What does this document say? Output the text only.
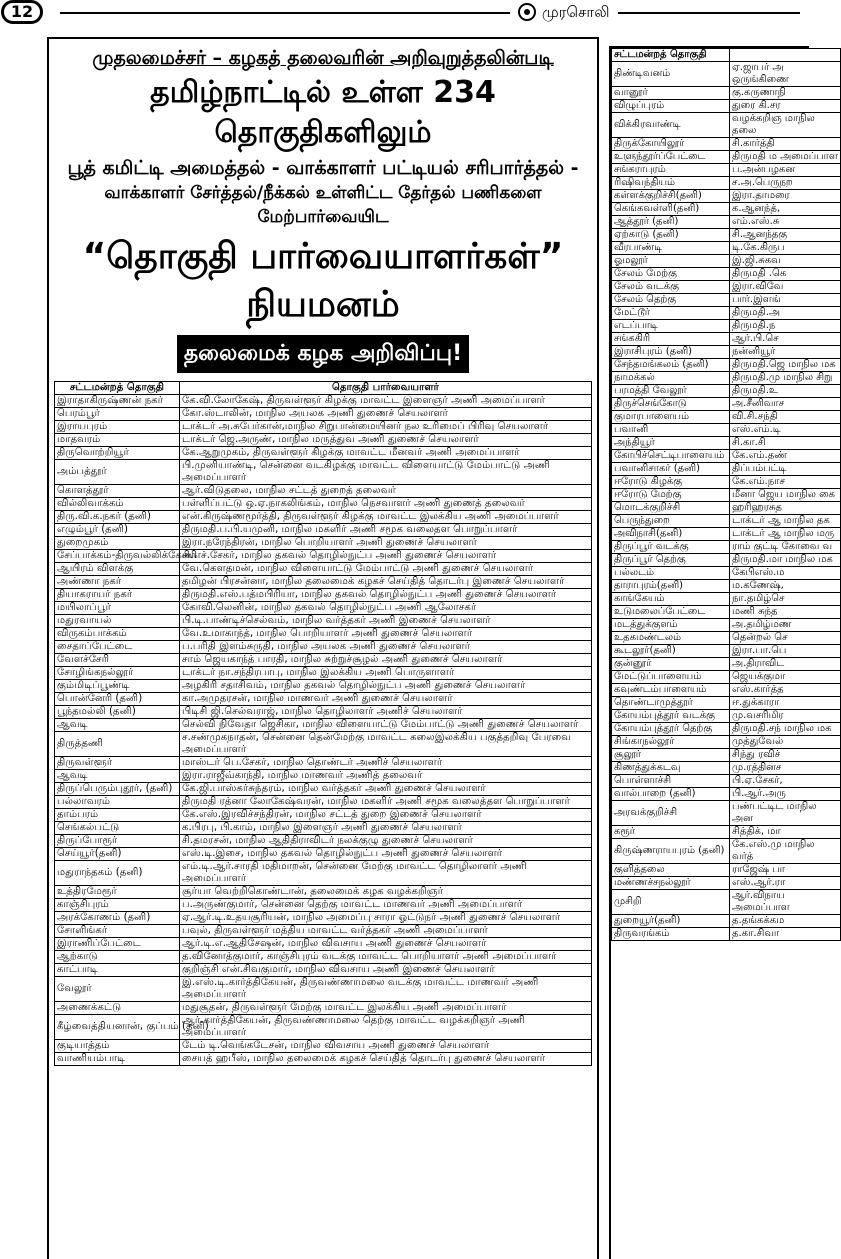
12	முரசொலி
முதலமைச்சர் – கழகத் தலைவரின் அறிவுறுத்தலின்படி
தமிழ்நாட்டில் உள்ள 234 தொகுதிகளிலும்
பூத் கமிட்டி அமைத்தல் - வாக்காளர் பட்டியல் சரிபார்த்தல் -
வாக்காளர் சேர்த்தல்/நீக்கல் உள்ளிட்ட தேர்தல் பணிகளை மேற்பார்வையிட
“தொகுதி பார்வையாளர்கள்” நியமனம்
தலைமைக் கழக அறிவிப்பு!
சட்டமன்றத் தொகுதி	தொகுதி பார்வையாளர்
இராதாகிருஷ்ணன் நகர்	கே.வி.லோகேஷ், திருவள்ளூர் கிழக்கு மாவட்ட இளைஞர் அணி அமைப்பாளர்
பெரம்பூர்	கோ.ஸ்டாலின், மாநில அயலக அணி துணைச் செயலாளர்
இராயபுரம்	டாக்டர் அ.சுபேர்கான்,மாநில சிறுபான்மையினர் நல உரிமைப் பிரிவு செயலாளர்
மாதவரம்	டாக்டர் ஜெ.அருண், மாநில மருத்துவ அணி துணைச் செயலாளர்
திருவொற்றியூர்	கே.ஆறுமுகம், திருவள்ளூர் கிழக்கு மாவட்ட மீனவர் அணி அமைப்பாளர்
அம்பத்தூர்	பி.முனியாண்டி, சென்னை வடகிழக்கு மாவட்ட விளையாட்டு மேம்பாட்டு அணி அமைப்பாளர்
கொளத்தூர்	ஆர்.விடுதலை, மாநில சட்டத் துறைத் தலைவர்
வில்லிவாக்கம்	பள்ளிப்பட்டு ஒ.ஏ.நாகலிங்கம், மாநில நெசவாளர் அணி துணைத் தலைவர்
திரு.வி.க.நகர் (தனி)	என்.கிருஷ்ணமூர்த்தி, திருவள்ளூர் கிழக்கு மாவட்ட இலக்கிய அணி அமைப்பாளர்
எழும்பூர் (தனி)	திருமதி.ப.பி.யமுனி, மாநில மகளிர் அணி சமூக வலைதள பொறுப்பாளர்
துறைமுகம்	இரா.நரேந்திரன், மாநில பொறியாளர் அணி துணைச் செயலாளர்
சேப்பாக்கம்-திருவல்லிக்கேணி	சி.எச்.சேகர், மாநில தகவல் தொழில்நுட்ப அணி துணைச் செயலாளர்
ஆயிரம் விளக்கு	வே.கௌதமன், மாநில விளையாட்டு மேம்பாட்டு அணி துணைச் செயலாளர்
அண்ணா நகர்	தமிழன் பிரசன்னா, மாநில தலைமைக் கழகச் செய்தித் தொடர்பு இணைச் செயலாளர்
தியாகராயர் நகர்	திருமதி.எஸ்.பத்மபிரியா, மாநில தகவல் தொழில்நுட்ப அணி துணைச் செயலாளர்
மயிலாப்பூர்	கோவி.லெனின், மாநில தகவல் தொழில்நுட்ப அணி ஆலோசகர்
மதுரவாயல்	பி.டி.பாண்டிச்செல்வம், மாநில வர்த்தகர் அணி இணைச் செயலாளர்
விருகம்பாக்கம்	வே.உமாகாந்த், மாநில பொறியாளர் அணி துணைச் செயலாளர்
சைதாப்பேட்டை	ப.பரிதி இளம்சுருதி, மாநில அயலக அணி துணைச் செயலாளர்
வேளச்சேரி	சாம் ஜெயகாந்த் பாரதி, மாநில சுற்றுச்சூழல் அணி துணைச் செயலாளர்
சோழிங்கநல்லூர்	டாக்டர் நா.சந்திரபாபு, மாநில இலக்கிய அணி பொருளாளர்
கும்மிடிப்பூண்டி	அழகிரி சதாசிவம், மாநில தகவல் தொழில்நுட்ப அணி துணைச் செயலாளர்
பொன்னேரி (தனி)	கா.அமுதரசன், மாநில மாணவர் அணி துணைச் செயலாளர்
பூந்தமல்லி (தனி)	பிடிசி ஜி.செல்வராஜ், மாநில தொழிலாளர் அணிச் செயலாளர்
ஆவடி	செல்வி நிவேதா ஜெசிகா, மாநில விளையாட்டு மேம்பாட்டு அணி துணைச் செயலாளர்
திருத்தணி	ச.சண்முகநாதன், சென்னை தென்மேற்கு மாவட்ட கலைஇலக்கிய பகுத்தறிவு பேரவை அமைப்பாளர்
திருவள்ளூர்	மாஸ்டர் பெ.சேகர், மாநில தொண்டர் அணிச் செயலாளர்
ஆவடி	இரா.ராஜீவ்காந்தி, மாநில மாணவர் அணித் தலைவர்
திருப்பெரும்புதூர், (தனி)	கே.ஜி.பாஸ்கர்சுந்தரம், மாநில வர்த்தகர் அணி துணைச் செயலாளர்
பல்லாவரம்	திருமதி ரத்னா லோகேஷ்வரன், மாநில மகளிர் அணி சமூக வலைத்தள பொறுப்பாளர்
தாம்பரம்	கே.எஸ்.இரவிச்சந்திரன், மாநில சட்டத் துறை இணைச் செயலாளர்
செங்கல்பட்டு	க.பிரபு, பி.காம், மாநில இளைஞர் அணி துணைச் செயலாளர்
திருப்போரூர்	சி.தமரசன், மாநில ஆதிதிராவிடர் நலக்குழு துணைச் செயலாளர்
செய்யூர்(தனி)	எஸ்.டி.இசை, மாநில தகவல் தொழில்நுட்ப அணி துணைச் செயலாளர்
மதுராந்தகம் (தனி)	எம்.டி.ஆர்.சாரதி மதிமாறன், சென்னை மேற்கு மாவட்ட தொழிலாளர் அணி அமைப்பாளர்
உத்திரமேரூர்	சூர்யா வெற்றிகொண்டான், தலைமைக் கழக வழக்கறிஞர்
காஞ்சிபுரம்	ப.அருண்குமார், சென்னை தெற்கு மாவட்ட மாணவர் அணி அமைப்பாளர்
அரக்கோணம் (தனி)	ஏ.ஆர்.டி.உதயசூரியன், மாநில அமைப்பு சாரா ஓட்டுநர் அணி துணைச் செயலாளர்
சோளிங்கர்	பவுல், திருவள்ளூர் மத்திய மாவட்ட வர்த்தகர் அணி அமைப்பாளர்
இராணிப்பேட்டை	ஆர்.டி.எ.ஆதிசேஷன், மாநில விவசாய அணி துணைச் செயலாளர்
ஆற்காடு	த.வினோத்குமார், காஞ்சிபுரம் வடக்கு மாவட்ட பொறியாளர் அணி அமைப்பாளர்
காட்பாடி	குறிஞ்சி என்.சிவகுமார், மாநில விவசாய அணி இணைச் செயலாளர்
வேலூர்	இ.எஸ்.டி.கார்த்திகேயன், திருவண்ணாமலை வடக்கு மாவட்ட மாணவர் அணி அமைப்பாளர்
அணைக்கட்டு	மதுசூதன், திருவள்ளூர் மேற்கு மாவட்ட இலக்கிய அணி அமைப்பாளர்
கீழ்வைத்தியனான், குப்பம் (தனி)	ஆர்.கார்த்திகேயன், திருவண்ணாமலை தெற்கு மாவட்ட வழக்கறிஞர் அணி அமைப்பாளர்
குடியாத்தம்	டேம் டி.வெங்கடேசன், மாநில விவசாய அணி துணைச் செயலாளர்
வாணியம்பாடி	சையத் ஹபீஸ், மாநில தலைமைக் கழகச் செய்தித் தொடர்பு துணைச் செயலாளர்
சட்டமன்றத் தொகுதி	
திண்டிவனம்	ஏ.ஜாபர் அ ஒருங்கிணை
வானூர்	கு.கருணாநி
விழுப்புரம்	துரை கி.சர
விக்கிரவாண்டி	வழக்கறிஞ மாநில தலை
திருக்கோயிலூர்	சி.கார்த்தி
உளுந்தூர்ப்பேட்டை	திருமதி ம அமைப்பாள
சங்கராபுரம்	ப.அன்பழகன
ரிஷிவந்தியம்	ச.அ.பெருநற
கள்ளக்குறிச்சி(தனி)	இரா.தாமரை
கெங்கவள்ளி(தனி)	க.ஆனந்த்,
ஆத்தூர் (தனி)	எம்.எஸ்.சு
ஏற்காடு (தனி)	சி.ஆனந்தகு
வீரபாண்டி	டி.கே.கிருப
ஓமலூர்	இ.ஜி.சுகவ
சேலம் மேற்கு	திருமதி .கெ
சேலம் வடக்கு	இரா.விவே
சேலம் தெற்கு	பார்.இளங்
மேட்டூர்	திருமதி.அ
எடப்பாடி	திருமதி.ந
சங்ககிரி	ஆர்.பி.செ
இராசிபுரம் (தனி)	நன்னியூர்
சேந்தமங்கலம் (தனி)	திருமதி.ஜெ மாநில மக
நாமக்கல்	திருமதி.மு மாநில சிறு
பரமத்தி வேலூர்	திருமதி.உ
திருச்செங்கோடு	அ.சீனிவாச
குமாரபாளையம்	வி.சி.சந்தி
பவானி	எஸ்.எம்.டி
அந்தியூர்	சி.கா.சி
கோபிச்செட்டிபாளையம்	கே.எம்.தண்
பவானிசாகர் (தனி)	திப்பம்பட்டி
ஈரோடு கிழக்கு	கே.எம்.நாச
ஈரோடு மேற்கு	மீனா ஜெய மாநில கை
மொடக்குறிச்சி	ஹரிஹரசுத
பெருந்துறை	டாக்டர் ஆ மாநில தக
அவிநாசி(தனி)	டாக்டர் ஆ மாநில மரு
திருப்பூர் வடக்கு	ராம் குட்டி கோவை வ
திருப்பூர் தெற்கு	திருமதி.மா மாநில மக
பல்லடம்	கேபிஎஸ்.ம
தாராபுரம்(தனி)	ம.கணேஷ்,
காங்கேயம்	நா.தமிழ்செ
உடுமலைப்பேட்டை	மணி சுந்த
மடத்துக்குளம்	அ.தமிழ்மண
உதகமண்டலம்	தென்றல் செ
கூடலூர்(தனி)	இரா.பா.பெ
குன்னூர்	அ.திராவிட
மேட்டுப்பாளையம்	ஜெயக்குமா
கவுண்டம்பாளையம்	எஸ்.கார்த்த
தொண்டாமுத்தூர்	ஈ.துக்காரா
கோயம்புத்தூர் வடக்கு	மு.வசரிமிர
கோயம்புத்தூர் தெற்கு	திருமதி.சந் மாநில மக
சிங்காநல்லூர்	முத்துவேல்
சூலூர்	சிந்து ரவிச்
கிணத்துக்கடவு	மு.ரத்தினச
பொள்ளாச்சி	பி.ஏ.சேகர்,
வால்பாறை (தனி)	பி.ஆர்.அரு
அரவக்குறிச்சி	பண்பட்டிட மாநில அன
கரூர்	சித்திக், மா
கிருஷ்ணராயபுரம் (தனி)	கே.எஸ்.மு மாநில வர்த்
குளித்தலை	ராஜேஷ் பா
மண்ணச்சநல்லூர்	எஸ்.ஆர்.ரா
முசிறி	ஆர்.விநாய அமைப்பாள
துறையூர்(தனி)	த.தங்கக்கம
திருவரங்கம்	த.கா.சிவா
